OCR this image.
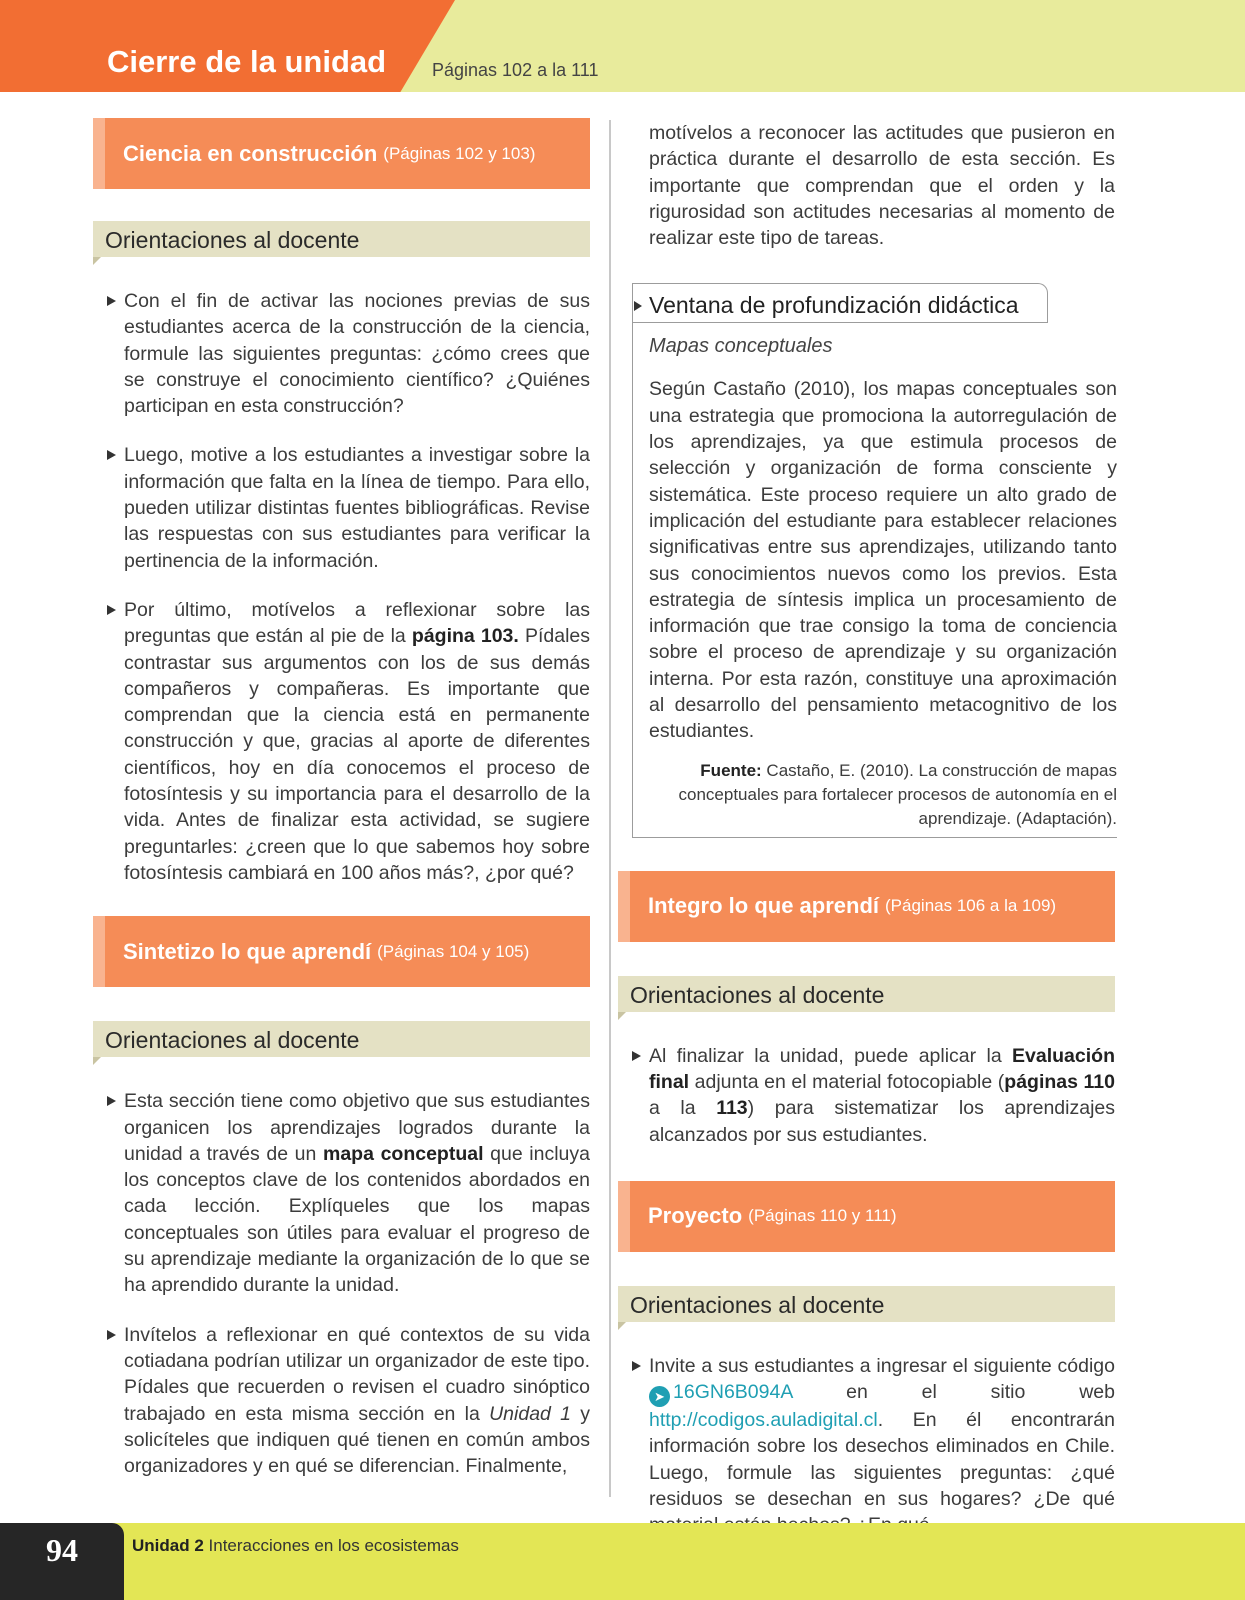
Cierre de la unidad	Páginas 102 a la 111
Ciencia en construcción (Páginas 102 y 103)
Orientaciones al docente
Con el fin de activar las nociones previas de sus estudiantes acerca de la construcción de la ciencia, formule las siguientes preguntas: ¿cómo crees que se construye el conocimiento científico? ¿Quiénes participan en esta construcción?
Luego, motive a los estudiantes a investigar sobre la información que falta en la línea de tiempo. Para ello, pueden utilizar distintas fuentes bibliográficas. Revise las respuestas con sus estudiantes para verificar la pertinencia de la información.
Por último, motívelos a reflexionar sobre las preguntas que están al pie de la página 103. Pídales contrastar sus argumentos con los de sus demás compañeros y compañeras. Es importante que comprendan que la ciencia está en permanente construcción y que, gracias al aporte de diferentes científicos, hoy en día conocemos el proceso de fotosíntesis y su importancia para el desarrollo de la vida. Antes de finalizar esta actividad, se sugiere preguntarles: ¿creen que lo que sabemos hoy sobre fotosíntesis cambiará en 100 años más?, ¿por qué?
Sintetizo lo que aprendí (Páginas 104 y 105)
Orientaciones al docente
Esta sección tiene como objetivo que sus estudiantes organicen los aprendizajes logrados durante la unidad a través de un mapa conceptual que incluya los conceptos clave de los contenidos abordados en cada lección. Explíqueles que los mapas conceptuales son útiles para evaluar el progreso de su aprendizaje mediante la organización de lo que se ha aprendido durante la unidad.
Invítelos a reflexionar en qué contextos de su vida cotiadana podrían utilizar un organizador de este tipo. Pídales que recuerden o revisen el cuadro sinóptico trabajado en esta misma sección en la Unidad 1 y solicíteles que indiquen qué tienen en común ambos organizadores y en qué se diferencian. Finalmente,
motívelos a reconocer las actitudes que pusieron en práctica durante el desarrollo de esta sección. Es importante que comprendan que el orden y la rigurosidad son actitudes necesarias al momento de realizar este tipo de tareas.
Ventana de profundización didáctica
Mapas conceptuales
Según Castaño (2010), los mapas conceptuales son una estrategia que promociona la autorregulación de los aprendizajes, ya que estimula procesos de selección y organización de forma consciente y sistemática. Este proceso requiere un alto grado de implicación del estudiante para establecer relaciones significativas entre sus aprendizajes, utilizando tanto sus conocimientos nuevos como los previos. Esta estrategia de síntesis implica un procesamiento de información que trae consigo la toma de conciencia sobre el proceso de aprendizaje y su organización interna. Por esta razón, constituye una aproximación al desarrollo del pensamiento metacognitivo de los estudiantes.
Fuente: Castaño, E. (2010). La construcción de mapas conceptuales para fortalecer procesos de autonomía en el aprendizaje. (Adaptación).
Integro lo que aprendí (Páginas 106 a la 109)
Orientaciones al docente
Al finalizar la unidad, puede aplicar la Evaluación final adjunta en el material fotocopiable (páginas 110 a la 113) para sistematizar los aprendizajes alcanzados por sus estudiantes.
Proyecto (Páginas 110 y 111)
Orientaciones al docente
Invite a sus estudiantes a ingresar el siguiente código ➤ 16GN6B094A en el sitio web http://codigos.auladigital.cl. En él encontrarán información sobre los desechos eliminados en Chile. Luego, formule las siguientes preguntas: ¿qué residuos se desechan en sus hogares? ¿De qué
94	Unidad 2 Interacciones en los ecosistemas
